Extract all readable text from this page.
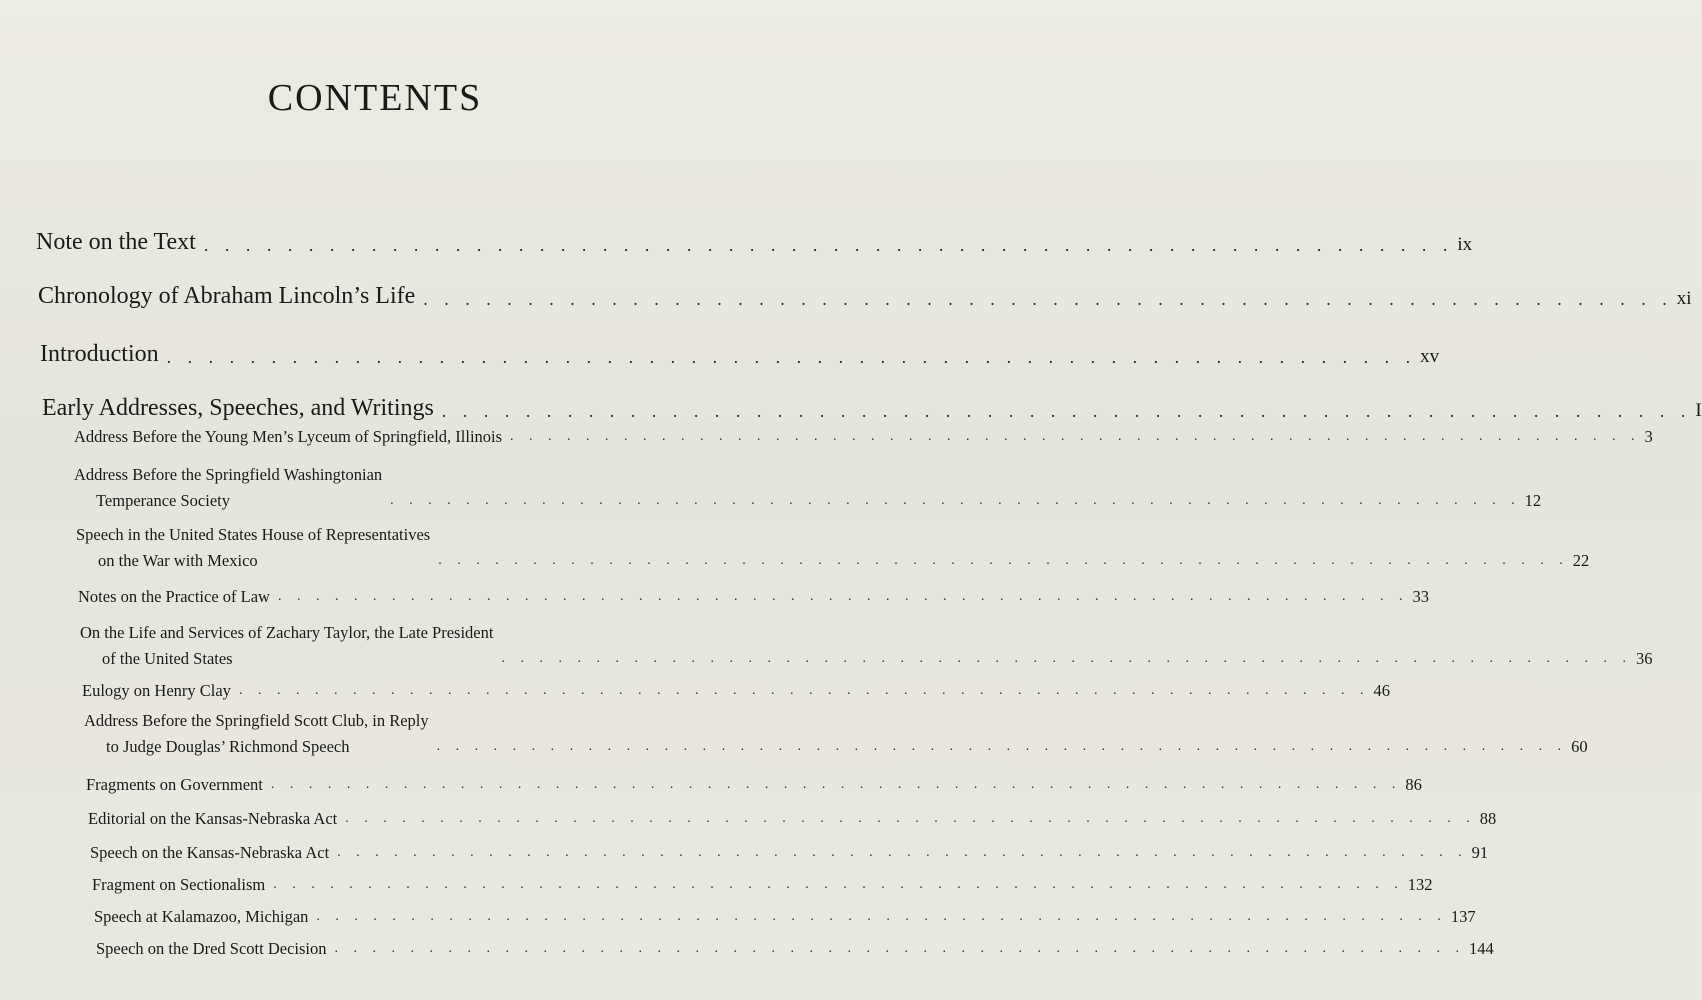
CONTENTS
Note on the Text . . . . . . . . . . . . . . . . . . . . . . . . . . . . . . . . . . . . . . . . . . . . . . . . . . . . . . . . . . . . ix
Chronology of Abraham Lincoln’s Life . . . . . . . . . . . . . . . . . . . . . . . . . . . . . . . . . . . . . . . . . . . . . . . . . . . . . . . . . . . . xi
Introduction . . . . . . . . . . . . . . . . . . . . . . . . . . . . . . . . . . . . . . . . . . . . . . . . . . . . . . . . . . . . xv
Early Addresses, Speeches, and Writings . . . . . . . . . . . . . . . . . . . . . . . . . . . . . . . . . . . . . . . . . . . . . . . . . . . . . . . . . . . . I
Address Before the Young Men’s Lyceum of Springfield, Illinois . . . . . . . . . . . . . . . . . . . . . . . . . . . . . . . . . . . . . . . . . . . . . . . . . . . . . . . . . . . . 3
Address Before the Springfield Washingtonian
Temperance Society	. . . . . . . . . . . . . . . . . . . . . . . . . . . . . . . . . . . . . . . . . . . . . . . . . . . . . . . . . . . . 12
Speech in the United States House of Representatives
on the War with Mexico	. . . . . . . . . . . . . . . . . . . . . . . . . . . . . . . . . . . . . . . . . . . . . . . . . . . . . . . . . . . . 22
Notes on the Practice of Law . . . . . . . . . . . . . . . . . . . . . . . . . . . . . . . . . . . . . . . . . . . . . . . . . . . . . . . . . . . . 33
On the Life and Services of Zachary Taylor, the Late President
of the United States	. . . . . . . . . . . . . . . . . . . . . . . . . . . . . . . . . . . . . . . . . . . . . . . . . . . . . . . . . . . . 36
Eulogy on Henry Clay . . . . . . . . . . . . . . . . . . . . . . . . . . . . . . . . . . . . . . . . . . . . . . . . . . . . . . . . . . . . 46
Address Before the Springfield Scott Club, in Reply
to Judge Douglas’ Richmond Speech	. . . . . . . . . . . . . . . . . . . . . . . . . . . . . . . . . . . . . . . . . . . . . . . . . . . . . . . . . . . . 60
Fragments on Government . . . . . . . . . . . . . . . . . . . . . . . . . . . . . . . . . . . . . . . . . . . . . . . . . . . . . . . . . . . . 86
Editorial on the Kansas-Nebraska Act . . . . . . . . . . . . . . . . . . . . . . . . . . . . . . . . . . . . . . . . . . . . . . . . . . . . . . . . . . . . 88
Speech on the Kansas-Nebraska Act . . . . . . . . . . . . . . . . . . . . . . . . . . . . . . . . . . . . . . . . . . . . . . . . . . . . . . . . . . . . 91
Fragment on Sectionalism . . . . . . . . . . . . . . . . . . . . . . . . . . . . . . . . . . . . . . . . . . . . . . . . . . . . . . . . . . . . 132
Speech at Kalamazoo, Michigan . . . . . . . . . . . . . . . . . . . . . . . . . . . . . . . . . . . . . . . . . . . . . . . . . . . . . . . . . . . . 137
Speech on the Dred Scott Decision . . . . . . . . . . . . . . . . . . . . . . . . . . . . . . . . . . . . . . . . . . . . . . . . . . . . . . . . . . . . 144
